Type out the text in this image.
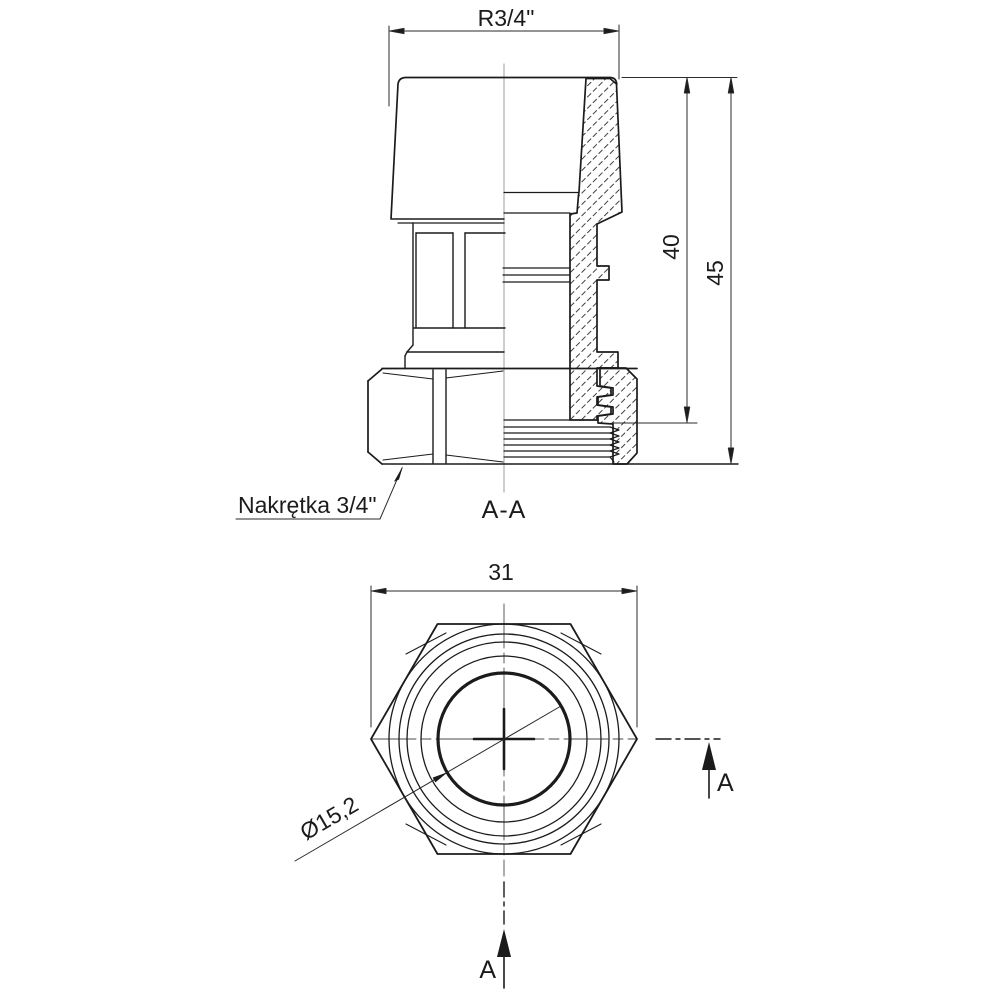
R3/4"
40
45
Nakrętka 3/4"	A-A
31
Ø15,2
A
A
